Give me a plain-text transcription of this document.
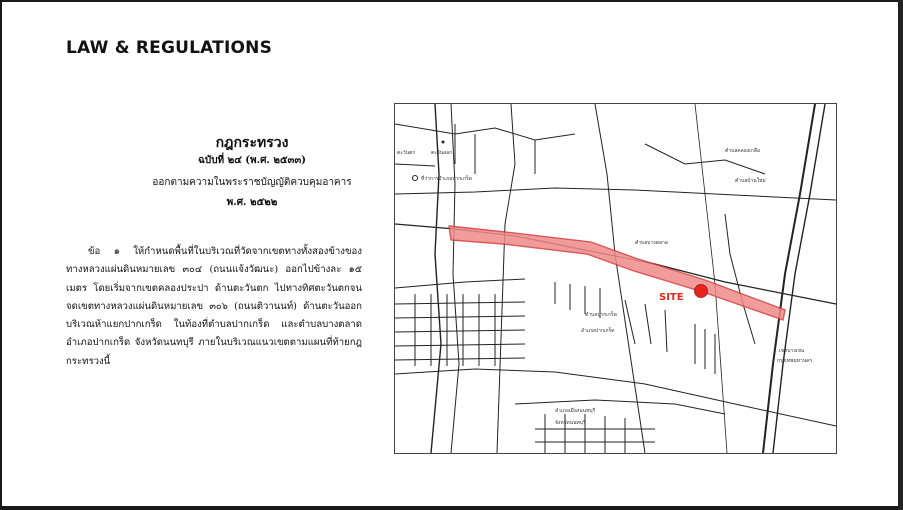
LAW & REGULATIONS
กฎกระทรวง
ฉบับที่ ๒๔ (พ.ศ. ๒๕๓๓)
ออกตามความในพระราชบัญญัติควบคุมอาคาร
พ.ศ. ๒๕๒๒
ข้อ ๑ ให้กำหนดพื้นที่ในบริเวณที่วัดจากเขตทางทั้งสองข้างของทางหลวงแผ่นดินหมายเลข ๓๐๔ (ถนนแจ้งวัฒนะ) ออกไปข้างละ ๑๕ เมตร โดยเริ่มจากเขตคลองประปา ด้านตะวันตก ไปทางทิศตะวันตกจนจดเขตทางหลวงแผ่นดินหมายเลข ๓๐๖ (ถนนติวานนท์) ด้านตะวันออก บริเวณห้าแยกปากเกร็ด ในท้องที่ตำบลปากเกร็ด และตำบลบางตลาด อำเภอปากเกร็ด จังหวัดนนทบุรี ภายในบริเวณแนวเขตตามแผนที่ท้ายกฎกระทรวงนี้
SITE
ตำบลปากเกร็ด
อำเภอปากเกร็ด
ตำบลบางตลาด
อำเภอเมืองนนทบุรี
จังหวัดนนทบุรี
กรุงเทพมหานคร
เขตบางเขน
ตำบลคลองเกลือ
ตำบลบ้านใหม่
ตะวันตก	ตะวันออก
ที่ว่าการอำเภอปากเกร็ด
